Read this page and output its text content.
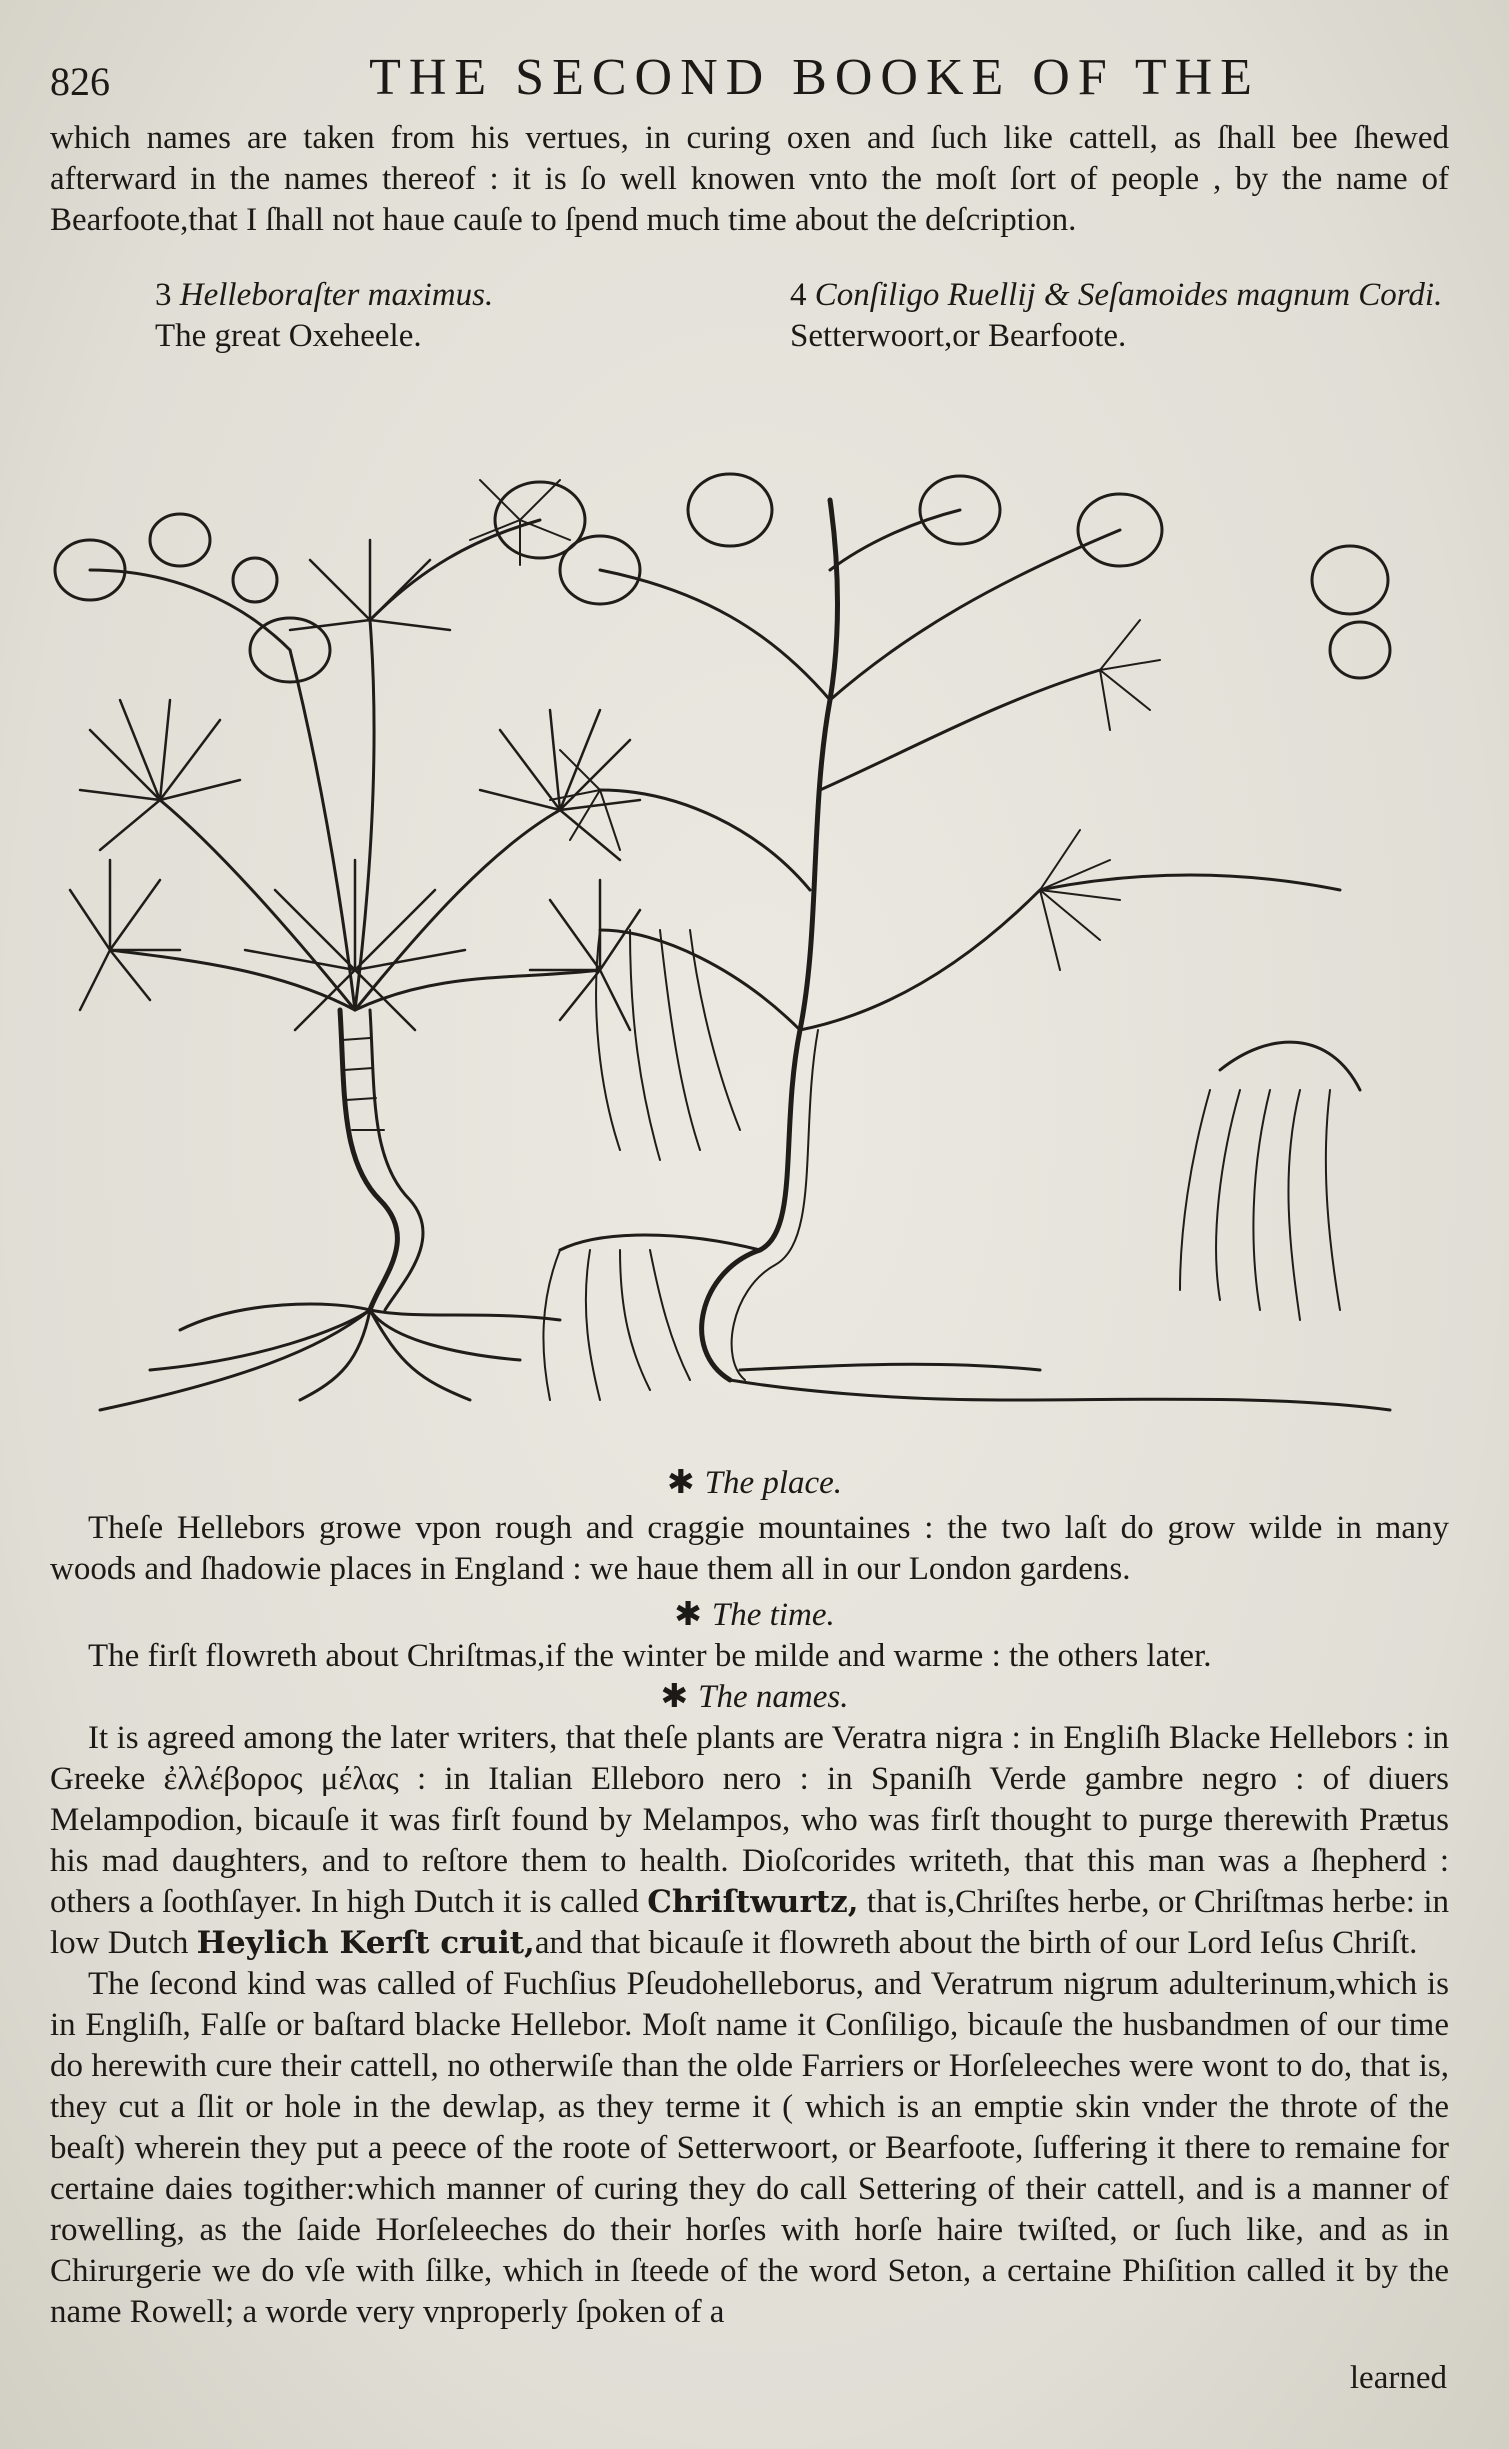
826	THE SECOND BOOKE OF THE
which names are taken from his vertues, in curing oxen and ſuch like cattell, as ſhall bee ſhewed afterward in the names thereof : it is ſo well knowen vnto the moſt ſort of people , by the name of Bearfoote,that I ſhall not haue cauſe to ſpend much time about the deſcription.
3 Helleboraſter maximus.
The great Oxeheele.
4 Conſiligo Ruellij & Seſamoides magnum Cordi.
Setterwoort,or Bearfoote.
✱ The place.

Theſe Hellebors growe vpon rough and craggie mountaines : the two laſt do grow wilde in many woods and ſhadowie places in England : we haue them all in our London gardens.

✱ The time.

The firſt flowreth about Chriſtmas,if the winter be milde and warme : the others later.

✱ The names.

It is agreed among the later writers, that theſe plants are Veratra nigra : in Engliſh Blacke Hellebors : in Greeke ἐλλέβορος μέλας : in Italian Elleboro nero : in Spaniſh Verde gambre negro : of diuers Melampodion, bicauſe it was firſt found by Melampos, who was firſt thought to purge therewith Prætus his mad daughters, and to reſtore them to health. Dioſcorides writeth, that this man was a ſhepherd : others a ſoothſayer. In high Dutch it is called Chriſtwurtz, that is,Chriſtes herbe, or Chriſtmas herbe: in low Dutch Heylich Kerſt cruit,and that bicauſe it flowreth about the birth of our Lord Ieſus Chriſt.

The ſecond kind was called of Fuchſius Pſeudohelleborus, and Veratrum nigrum adulterinum,which is in Engliſh, Falſe or baſtard blacke Hellebor. Moſt name it Conſiligo, bicauſe the husbandmen of our time do herewith cure their cattell, no otherwiſe than the olde Farriers or Horſeleeches were wont to do, that is, they cut a ſlit or hole in the dewlap, as they terme it ( which is an emptie skin vnder the throte of the beaſt) wherein they put a peece of the roote of Setterwoort, or Bearfoote, ſuffering it there to remaine for certaine daies togither:which manner of curing they do call Settering of their cattell, and is a manner of rowelling, as the ſaide Horſeleeches do their horſes with horſe haire twiſted, or ſuch like, and as in Chirurgerie we do vſe with ſilke, which in ſteede of the word Seton, a certaine Phiſition called it by the name Rowell; a worde very vnproperly ſpoken of a

learned
